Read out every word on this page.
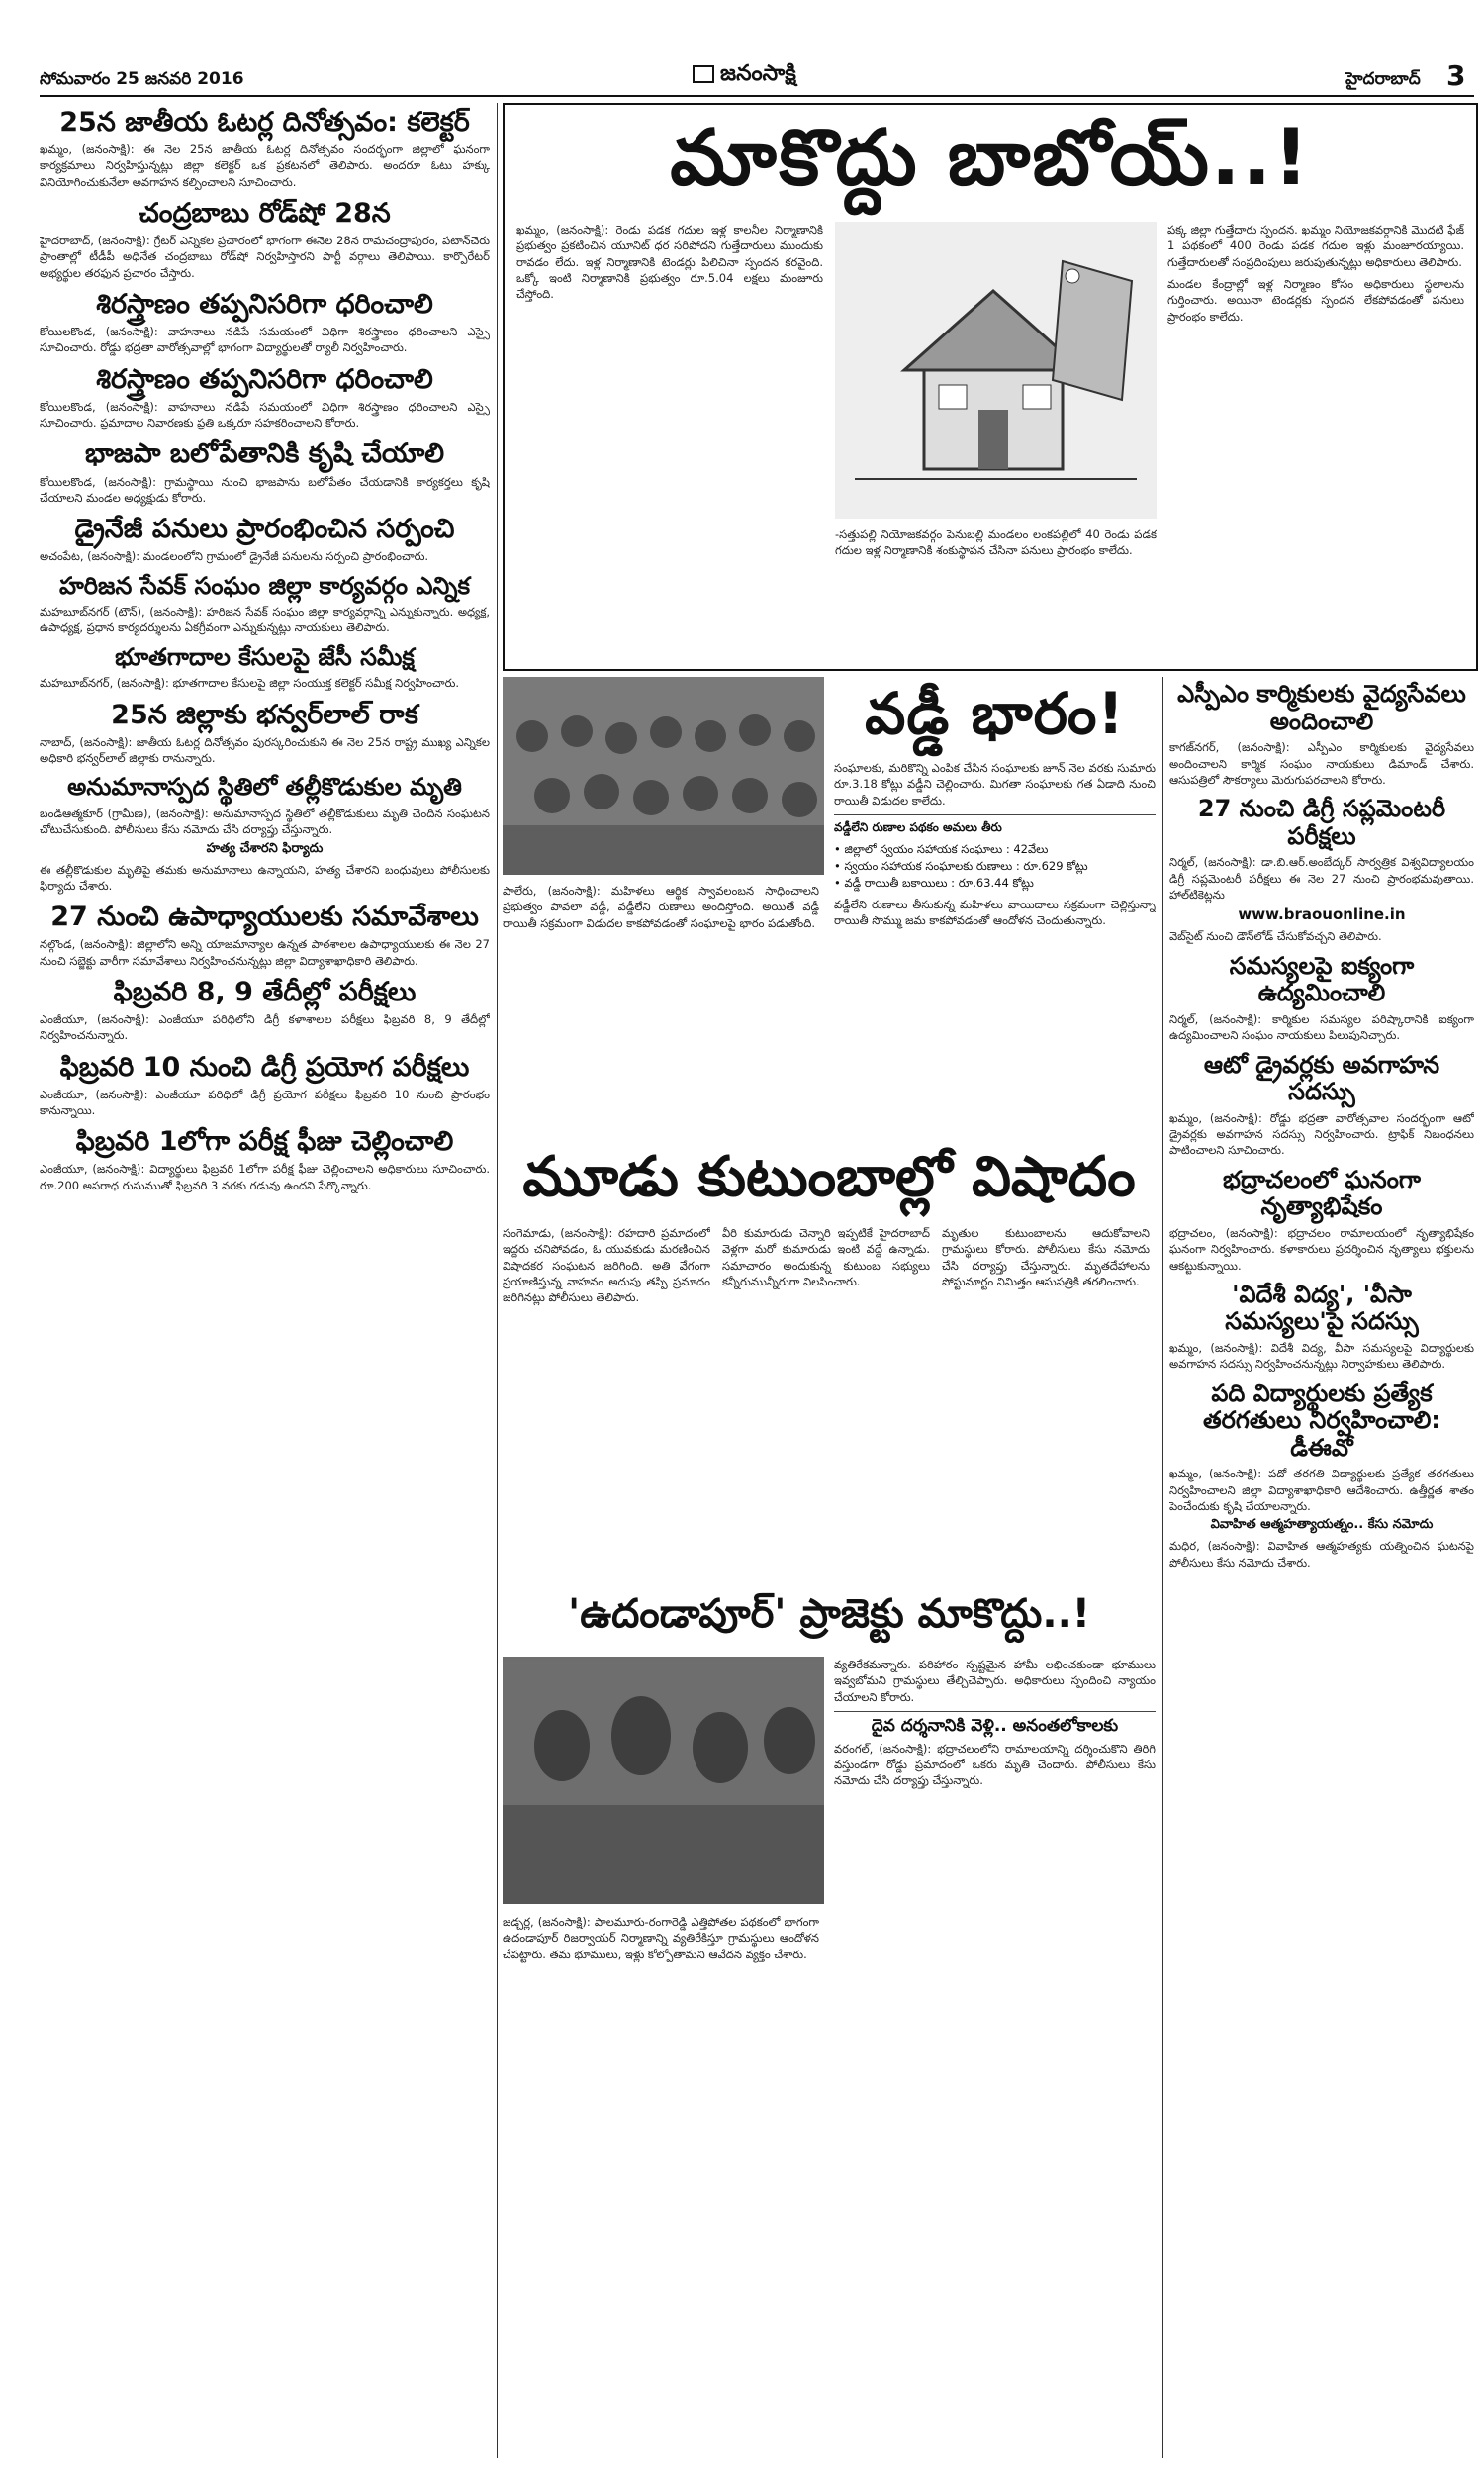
సోమవారం 25 జనవరి 2016	జనంసాక్షి	హైదరాబాద్ 3
25న జాతీయ ఓటర్ల దినోత్సవం: కలెక్టర్
ఖమ్మం, (జనంసాక్షి): ఈ నెల 25న జాతీయ ఓటర్ల దినోత్సవం సందర్భంగా జిల్లాలో ఘనంగా కార్యక్రమాలు నిర్వహిస్తున్నట్లు జిల్లా కలెక్టర్ ఒక ప్రకటనలో తెలిపారు. అందరూ ఓటు హక్కు వినియోగించుకునేలా అవగాహన కల్పించాలని సూచించారు.
చంద్రబాబు రోడ్‌షో 28న
హైదరాబాద్, (జనంసాక్షి): గ్రేటర్ ఎన్నికల ప్రచారంలో భాగంగా ఈనెల 28న రామచంద్రాపురం, పటాన్‌చెరు ప్రాంతాల్లో టీడీపీ అధినేత చంద్రబాబు రోడ్‌షో నిర్వహిస్తారని పార్టీ వర్గాలు తెలిపాయి. కార్పొరేటర్ అభ్యర్థుల తరఫున ప్రచారం చేస్తారు.
శిరస్త్రాణం తప్పనిసరిగా ధరించాలి
కోయిలకొండ, (జనంసాక్షి): వాహనాలు నడిపే సమయంలో విధిగా శిరస్త్రాణం ధరించాలని ఎస్సై సూచించారు. రోడ్డు భద్రతా వారోత్సవాల్లో భాగంగా విద్యార్థులతో ర్యాలీ నిర్వహించారు.
శిరస్త్రాణం తప్పనిసరిగా ధరించాలి
కోయిలకొండ, (జనంసాక్షి): వాహనాలు నడిపే సమయంలో విధిగా శిరస్త్రాణం ధరించాలని ఎస్సై సూచించారు. ప్రమాదాల నివారణకు ప్రతి ఒక్కరూ సహకరించాలని కోరారు.
భాజపా బలోపేతానికి కృషి చేయాలి
కోయిలకొండ, (జనంసాక్షి): గ్రామస్థాయి నుంచి భాజపాను బలోపేతం చేయడానికి కార్యకర్తలు కృషి చేయాలని మండల అధ్యక్షుడు కోరారు.
డ్రైనేజీ పనులు ప్రారంభించిన సర్పంచి
అచంపేట, (జనంసాక్షి): మండలంలోని గ్రామంలో డ్రైనేజీ పనులను సర్పంచి ప్రారంభించారు.
హరిజన సేవక్ సంఘం జిల్లా కార్యవర్గం ఎన్నిక
మహబూబ్‌నగర్ (టౌన్), (జనంసాక్షి): హరిజన సేవక్ సంఘం జిల్లా కార్యవర్గాన్ని ఎన్నుకున్నారు. అధ్యక్ష, ఉపాధ్యక్ష, ప్రధాన కార్యదర్శులను ఏకగ్రీవంగా ఎన్నుకున్నట్లు నాయకులు తెలిపారు.
భూతగాదాల కేసులపై జేసీ సమీక్ష
మహబూబ్‌నగర్, (జనంసాక్షి): భూతగాదాల కేసులపై జిల్లా సంయుక్త కలెక్టర్ సమీక్ష నిర్వహించారు.
25న జిల్లాకు భన్వర్‌లాల్ రాక
నాబాద్, (జనంసాక్షి): జాతీయ ఓటర్ల దినోత్సవం పురస్కరించుకుని ఈ నెల 25న రాష్ట్ర ముఖ్య ఎన్నికల అధికారి భన్వర్‌లాల్ జిల్లాకు రానున్నారు.
అనుమానాస్పద స్థితిలో తల్లీకొడుకుల మృతి
బండిఆత్మకూర్ (గ్రామీణ), (జనంసాక్షి): అనుమానాస్పద స్థితిలో తల్లీకొడుకులు మృతి చెందిన సంఘటన చోటుచేసుకుంది. పోలీసులు కేసు నమోదు చేసి దర్యాప్తు చేస్తున్నారు.
హత్య చేశారని ఫిర్యాదు
ఈ తల్లీకొడుకుల మృతిపై తమకు అనుమానాలు ఉన్నాయని, హత్య చేశారని బంధువులు పోలీసులకు ఫిర్యాదు చేశారు.
27 నుంచి ఉపాధ్యాయులకు సమావేశాలు
నల్గొండ, (జనంసాక్షి): జిల్లాలోని అన్ని యాజమాన్యాల ఉన్నత పాఠశాలల ఉపాధ్యాయులకు ఈ నెల 27 నుంచి సబ్జెక్టు వారీగా సమావేశాలు నిర్వహించనున్నట్లు జిల్లా విద్యాశాఖాధికారి తెలిపారు.
ఫిబ్రవరి 8, 9 తేదీల్లో పరీక్షలు
ఎంజీయూ, (జనంసాక్షి): ఎంజీయూ పరిధిలోని డిగ్రీ కళాశాలల పరీక్షలు ఫిబ్రవరి 8, 9 తేదీల్లో నిర్వహించనున్నారు.
ఫిబ్రవరి 10 నుంచి డిగ్రీ ప్రయోగ పరీక్షలు
ఎంజీయూ, (జనంసాక్షి): ఎంజీయూ పరిధిలో డిగ్రీ ప్రయోగ పరీక్షలు ఫిబ్రవరి 10 నుంచి ప్రారంభం కానున్నాయి.
ఫిబ్రవరి 1లోగా పరీక్ష ఫీజు చెల్లించాలి
ఎంజీయూ, (జనంసాక్షి): విద్యార్థులు ఫిబ్రవరి 1లోగా పరీక్ష ఫీజు చెల్లించాలని అధికారులు సూచించారు. రూ.200 అపరాధ రుసుముతో ఫిబ్రవరి 3 వరకు గడువు ఉందని పేర్కొన్నారు.
మాకొద్దు బాబోయ్..!
ఖమ్మం, (జనంసాక్షి): రెండు పడక గదుల ఇళ్ల కాలనీల నిర్మాణానికి ప్రభుత్వం ప్రకటించిన యూనిట్ ధర సరిపోదని గుత్తేదారులు ముందుకు రావడం లేదు. ఇళ్ల నిర్మాణానికి టెండర్లు పిలిచినా స్పందన కరవైంది. ఒక్కో ఇంటి నిర్మాణానికి ప్రభుత్వం రూ.5.04 లక్షలు మంజూరు చేస్తోంది.
-సత్తుపల్లి నియోజకవర్గం పెనుబల్లి మండలం లంకపల్లిలో 40 రెండు పడక గదుల ఇళ్ల నిర్మాణానికి శంకుస్థాపన చేసినా పనులు ప్రారంభం కాలేదు.
పక్క జిల్లా గుత్తేదారు స్పందన. ఖమ్మం నియోజకవర్గానికి మొదటి ఫేజ్ 1 పథకంలో 400 రెండు పడక గదుల ఇళ్లు మంజూరయ్యాయి. గుత్తేదారులతో సంప్రదింపులు జరుపుతున్నట్లు అధికారులు తెలిపారు.
మండల కేంద్రాల్లో ఇళ్ల నిర్మాణం కోసం అధికారులు స్థలాలను గుర్తించారు. అయినా టెండర్లకు స్పందన లేకపోవడంతో పనులు ప్రారంభం కాలేదు.
వడ్డీ భారం!
పాలేరు, (జనంసాక్షి): మహిళలు ఆర్థిక స్వావలంబన సాధించాలని ప్రభుత్వం పావలా వడ్డీ, వడ్డీలేని రుణాలు అందిస్తోంది. అయితే వడ్డీ రాయితీ సక్రమంగా విడుదల కాకపోవడంతో సంఘాలపై భారం పడుతోంది.
సంఘాలకు, మరికొన్ని ఎంపిక చేసిన సంఘాలకు జూన్ నెల వరకు సుమారు రూ.3.18 కోట్లు వడ్డీని చెల్లించారు. మిగతా సంఘాలకు గత ఏడాది నుంచి రాయితీ విడుదల కాలేదు.
వడ్డీలేని రుణాల పథకం అమలు తీరు
• జిల్లాలో స్వయం సహాయక సంఘాలు : 42వేలు
• స్వయం సహాయక సంఘాలకు రుణాలు : రూ.629 కోట్లు
• వడ్డీ రాయితీ బకాయిలు : రూ.63.44 కోట్లు
వడ్డీలేని రుణాలు తీసుకున్న మహిళలు వాయిదాలు సక్రమంగా చెల్లిస్తున్నా రాయితీ సొమ్ము జమ కాకపోవడంతో ఆందోళన చెందుతున్నారు.
ఎస్పీఎం కార్మికులకు వైద్యసేవలు అందించాలి
కాగజ్‌నగర్, (జనంసాక్షి): ఎస్పీఎం కార్మికులకు వైద్యసేవలు అందించాలని కార్మిక సంఘం నాయకులు డిమాండ్ చేశారు. ఆసుపత్రిలో సౌకర్యాలు మెరుగుపరచాలని కోరారు.
27 నుంచి డిగ్రీ సప్లమెంటరీ పరీక్షలు
నిర్మల్, (జనంసాక్షి): డా.బి.ఆర్.అంబేద్కర్ సార్వత్రిక విశ్వవిద్యాలయం డిగ్రీ సప్లమెంటరీ పరీక్షలు ఈ నెల 27 నుంచి ప్రారంభమవుతాయి. హాల్‌టికెట్లను
www.braouonline.in
వెబ్‌సైట్ నుంచి డౌన్‌లోడ్ చేసుకోవచ్చని తెలిపారు.
సమస్యలపై ఐక్యంగా ఉద్యమించాలి
నిర్మల్, (జనంసాక్షి): కార్మికుల సమస్యల పరిష్కారానికి ఐక్యంగా ఉద్యమించాలని సంఘం నాయకులు పిలుపునిచ్చారు.
ఆటో డ్రైవర్లకు అవగాహన సదస్సు
ఖమ్మం, (జనంసాక్షి): రోడ్డు భద్రతా వారోత్సవాల సందర్భంగా ఆటో డ్రైవర్లకు అవగాహన సదస్సు నిర్వహించారు. ట్రాఫిక్ నిబంధనలు పాటించాలని సూచించారు.
భద్రాచలంలో ఘనంగా నృత్యాభిషేకం
భద్రాచలం, (జనంసాక్షి): భద్రాచలం రామాలయంలో నృత్యాభిషేకం ఘనంగా నిర్వహించారు. కళాకారులు ప్రదర్శించిన నృత్యాలు భక్తులను ఆకట్టుకున్నాయి.
'విదేశీ విద్య', 'వీసా సమస్యలు'పై సదస్సు
ఖమ్మం, (జనంసాక్షి): విదేశీ విద్య, వీసా సమస్యలపై విద్యార్థులకు అవగాహన సదస్సు నిర్వహించనున్నట్లు నిర్వాహకులు తెలిపారు.
పది విద్యార్థులకు ప్రత్యేక తరగతులు నిర్వహించాలి: డీఈవో
ఖమ్మం, (జనంసాక్షి): పదో తరగతి విద్యార్థులకు ప్రత్యేక తరగతులు నిర్వహించాలని జిల్లా విద్యాశాఖాధికారి ఆదేశించారు. ఉత్తీర్ణత శాతం పెంచేందుకు కృషి చేయాలన్నారు.
వివాహిత ఆత్మహత్యాయత్నం.. కేసు నమోదు
మధిర, (జనంసాక్షి): వివాహిత ఆత్మహత్యకు యత్నించిన ఘటనపై పోలీసులు కేసు నమోదు చేశారు.
మూడు కుటుంబాల్లో విషాదం
సంగెమాడు, (జనంసాక్షి): రహదారి ప్రమాదంలో ఇద్దరు చనిపోవడం, ఓ యువకుడు మరణించిన విషాదకర సంఘటన జరిగింది. అతి వేగంగా ప్రయాణిస్తున్న వాహనం అదుపు తప్పి ప్రమాదం జరిగినట్లు పోలీసులు తెలిపారు.
వీరి కుమారుడు చెన్నారి ఇప్పటికే హైదరాబాద్ వెళ్లగా మరో కుమారుడు ఇంటి వద్దే ఉన్నాడు. సమాచారం అందుకున్న కుటుంబ సభ్యులు కన్నీరుమున్నీరుగా విలపించారు.
మృతుల కుటుంబాలను ఆదుకోవాలని గ్రామస్థులు కోరారు. పోలీసులు కేసు నమోదు చేసి దర్యాప్తు చేస్తున్నారు. మృతదేహాలను పోస్టుమార్టం నిమిత్తం ఆసుపత్రికి తరలించారు.
'ఉదండాపూర్' ప్రాజెక్టు మాకొద్దు..!
జడ్చర్ల, (జనంసాక్షి): పాలమూరు-రంగారెడ్డి ఎత్తిపోతల పథకంలో భాగంగా ఉదండాపూర్ రిజర్వాయర్ నిర్మాణాన్ని వ్యతిరేకిస్తూ గ్రామస్థులు ఆందోళన చేపట్టారు. తమ భూములు, ఇళ్లు కోల్పోతామని ఆవేదన వ్యక్తం చేశారు.
వ్యతిరేకమన్నారు. పరిహారం స్పష్టమైన హామీ లభించకుండా భూములు ఇవ్వబోమని గ్రామస్థులు తేల్చిచెప్పారు. అధికారులు స్పందించి న్యాయం చేయాలని కోరారు.
దైవ దర్శనానికి వెళ్లి.. అనంతలోకాలకు
వరంగల్, (జనంసాక్షి): భద్రాచలంలోని రామాలయాన్ని దర్శించుకొని తిరిగి వస్తుండగా రోడ్డు ప్రమాదంలో ఒకరు మృతి చెందారు. పోలీసులు కేసు నమోదు చేసి దర్యాప్తు చేస్తున్నారు.
